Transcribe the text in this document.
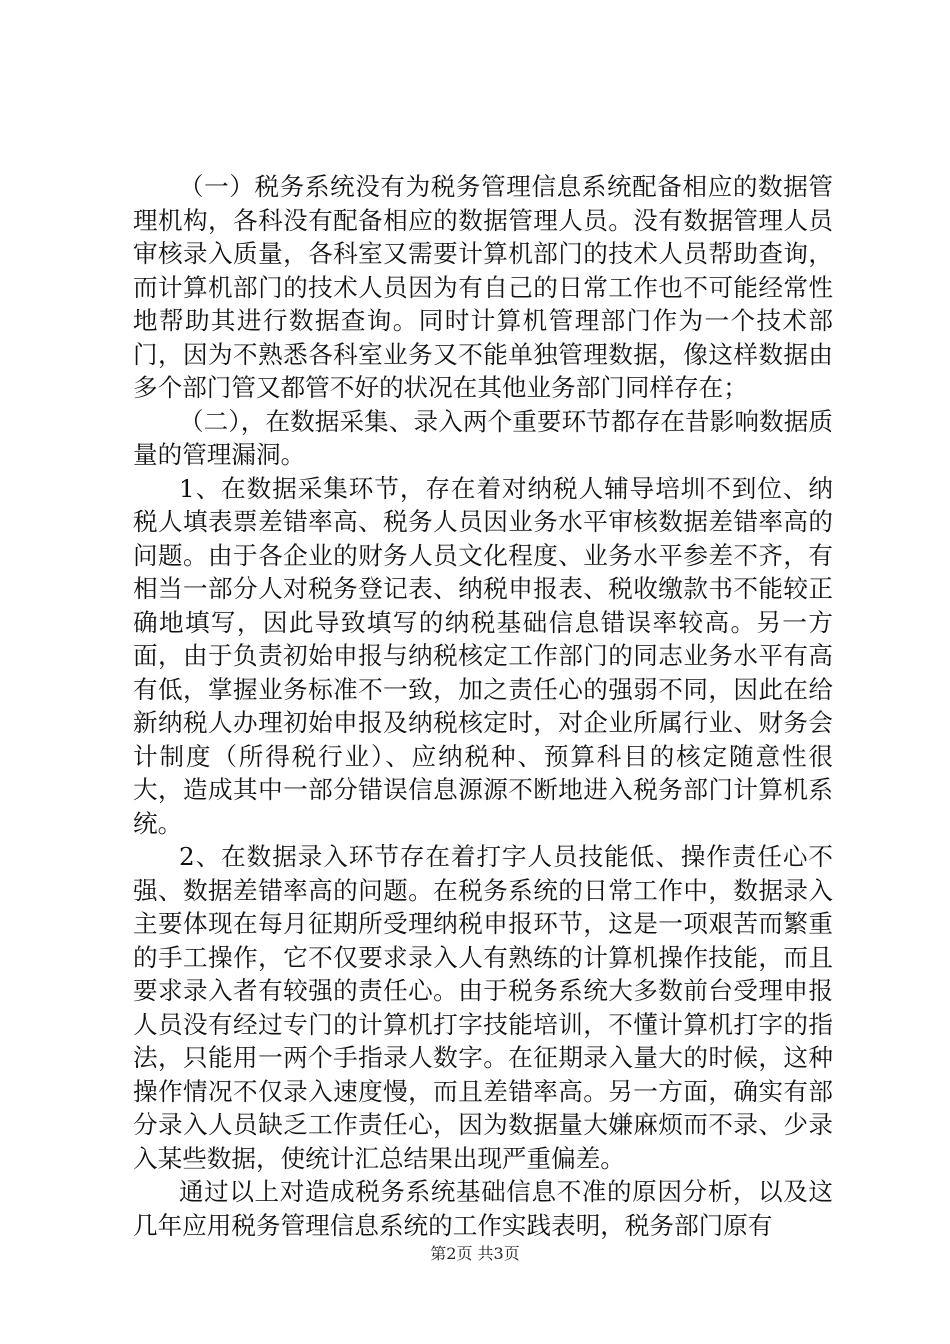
（一）税务系统没有为税务管理信息系统配备相应的数据管理机构，各科没有配备相应的数据管理人员。没有数据管理人员审核录入质量，各科室又需要计算机部门的技术人员帮助查询，而计算机部门的技术人员因为有自己的日常工作也不可能经常性地帮助其进行数据查询。同时计算机管理部门作为一个技术部门，因为不熟悉各科室业务又不能单独管理数据，像这样数据由多个部门管又都管不好的状况在其他业务部门同样存在；

（二），在数据采集、录入两个重要环节都存在昔影响数据质量的管理漏洞。

1、在数据采集环节，存在着对纳税人辅导培圳不到位、纳税人填表票差错率高、税务人员因业务水平审核数据差错率高的问题。由于各企业的财务人员文化程度、业务水平参差不齐，有相当一部分人对税务登记表、纳税申报表、税收缴款书不能较正确地填写，因此导致填写的纳税基础信息错误率较高。另一方面，由于负责初始申报与纳税核定工作部门的同志业务水平有高有低，掌握业务标准不一致，加之责任心的强弱不同，因此在给新纳税人办理初始申报及纳税核定时，对企业所属行业、财务会计制度（所得税行业）、应纳税种、预算科目的核定随意性很大，造成其中一部分错误信息源源不断地进入税务部门计算机系统。

2、在数据录入环节存在着打字人员技能低、操作责任心不强、数据差错率高的问题。在税务系统的日常工作中，数据录入主要体现在每月征期所受理纳税申报环节，这是一项艰苦而繁重的手工操作，它不仅要求录入人有熟练的计算机操作技能，而且要求录入者有较强的责任心。由于税务系统大多数前台受理申报人员没有经过专门的计算机打字技能培训，不懂计算机打字的指法，只能用一两个手指录人数字。在征期录入量大的时候，这种操作情况不仅录入速度慢，而且差错率高。另一方面，确实有部分录入人员缺乏工作责任心，因为数据量大嫌麻烦而不录、少录入某些数据，使统计汇总结果出现严重偏差。

通过以上对造成税务系统基础信息不准的原因分析，以及这几年应用税务管理信息系统的工作实践表明，税务部门原有

第2页 共3页
